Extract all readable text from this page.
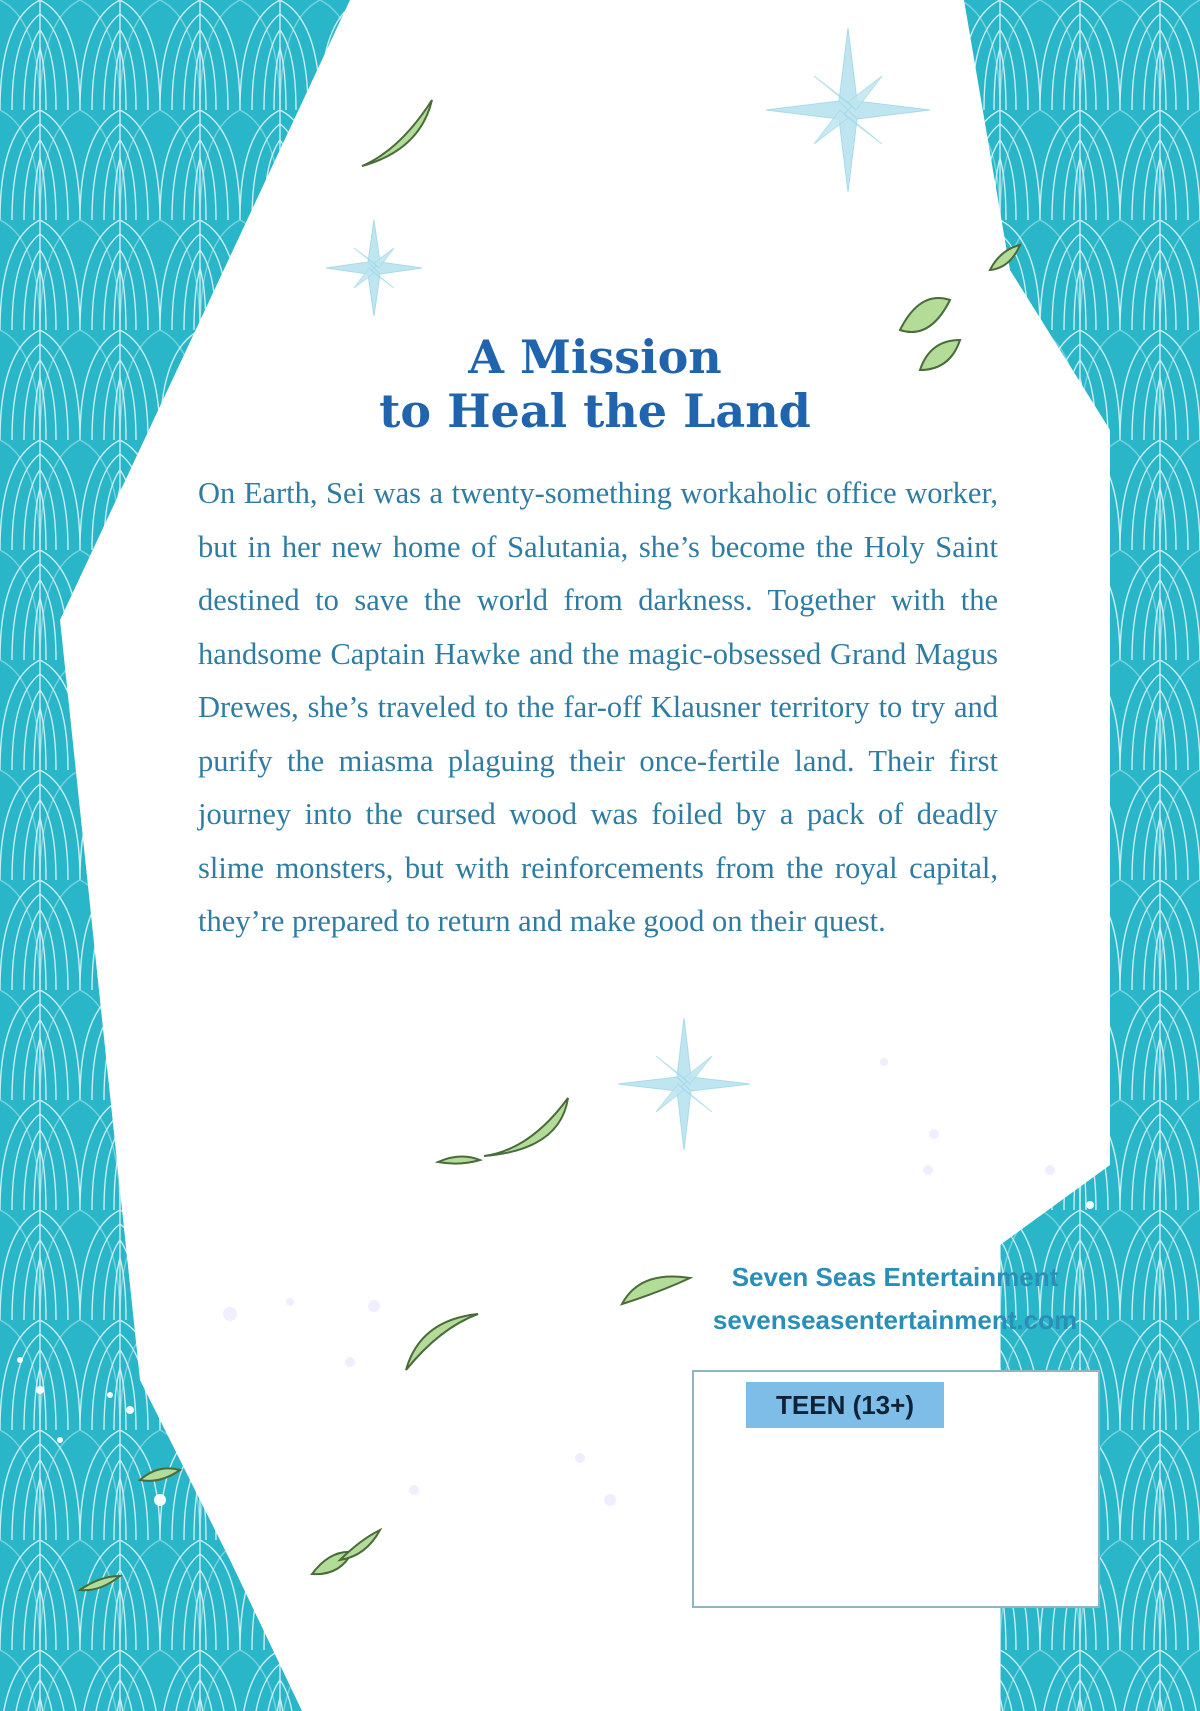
A Mission
to Heal the Land

On Earth, Sei was a twenty-something workaholic office worker, but in her new home of Salutania, she’s become the Holy Saint destined to save the world from darkness. Together with the handsome Captain Hawke and the magic-obsessed Grand Magus Drewes, she’s traveled to the far-off Klausner territory to try and purify the miasma plaguing their once-fertile land. Their first journey into the cursed wood was foiled by a pack of deadly slime monsters, but with reinforcements from the royal capital, they’re prepared to return and make good on their quest.

Seven Seas Entertainment

sevenseasentertainment.com

TEEN (13+)
